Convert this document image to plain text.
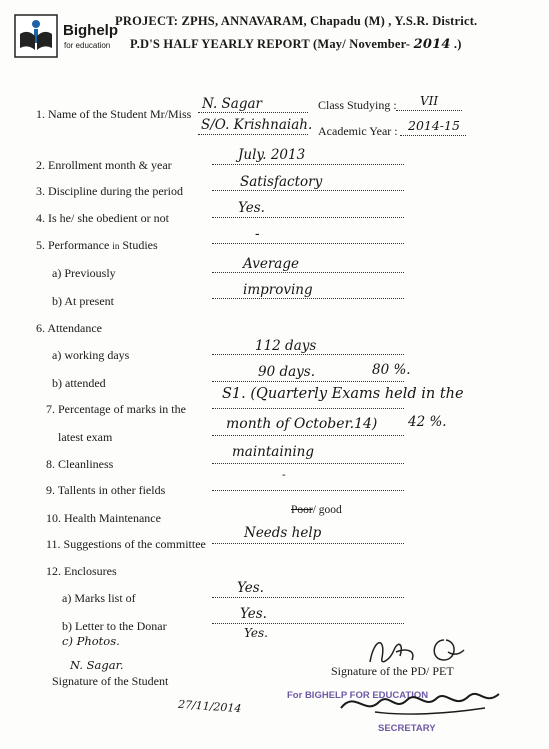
Bighelp
for education
PROJECT: ZPHS, ANNAVARAM, Chapadu (M) , Y.S.R. District.
P.D'S HALF YEARLY REPORT (May/ November- 2014 .)
1. Name of the Student Mr/Miss
N. Sagar
S/O. Krishnaiah.
Class Studying : VII
Academic Year : 2014-15
2. Enrollment month & year
July. 2013
3. Discipline during the period
Satisfactory
4. Is he/ she obedient or not
Yes.
5. Performance in Studies
-
a) Previously
Average
b) At present
improving
6. Attendance
a) working days
112 days
b) attended
90 days.	80 %.
7. Percentage of marks in the
latest exam
S1. (Quarterly Exams held in the
month of October.14) 42 %.
8. Cleanliness
maintaining
9. Tallents in other fields
-
10. Health Maintenance
Poor/ good
11. Suggestions of the committee
Needs help
12. Enclosures
a) Marks list of
Yes.
b) Letter to the Donar
Yes.
c) Photos.
Yes.
N. Sagar.
Signature of the Student
Signature of the PD/ PET
27/11/2014
For BIGHELP FOR EDUCATION
SECRETARY
